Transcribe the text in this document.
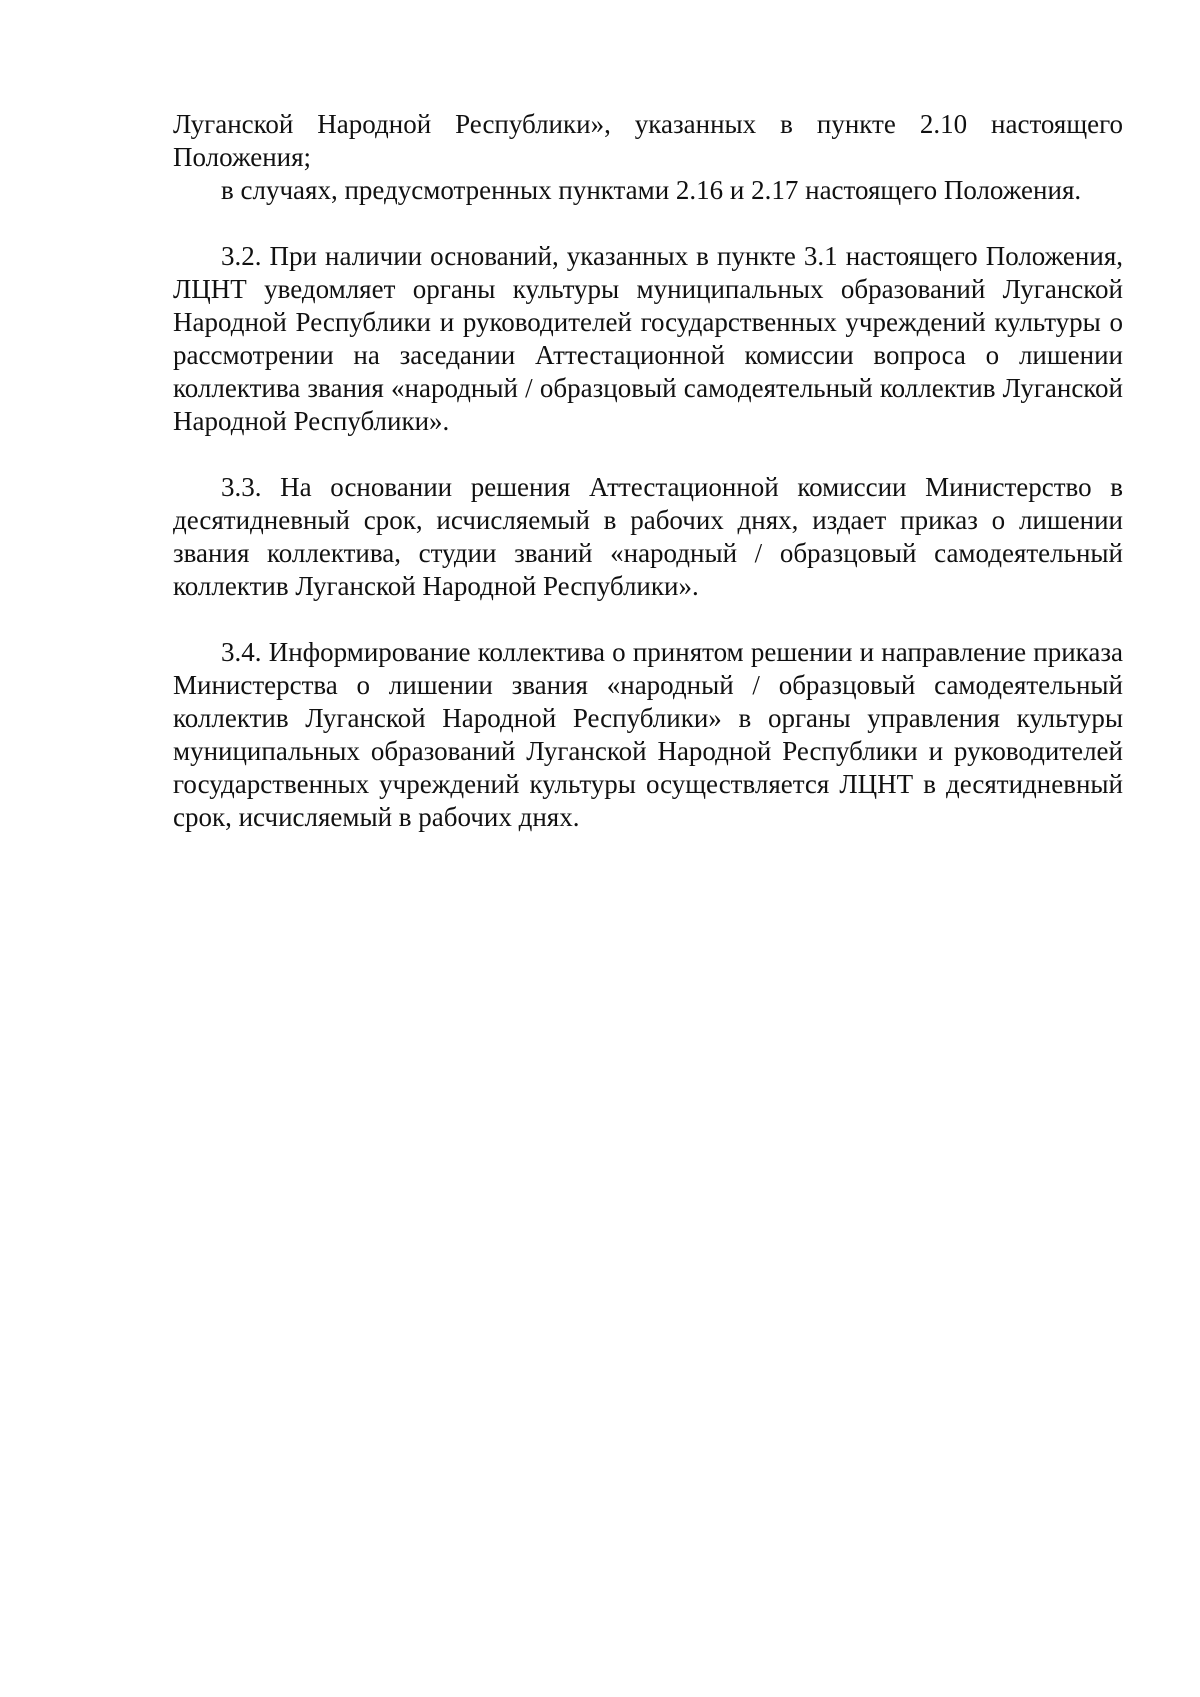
Луганской Народной Республики», указанных в пункте 2.10 настоящего Положения;

в случаях, предусмотренных пунктами 2.16 и 2.17 настоящего Положения.

3.2. При наличии оснований, указанных в пункте 3.1 настоящего Положения, ЛЦНТ уведомляет органы культуры муниципальных образований Луганской Народной Республики и руководителей государственных учреждений культуры о рассмотрении на заседании Аттестационной комиссии вопроса о лишении коллектива звания «народный / образцовый самодеятельный коллектив Луганской Народной Республики».

3.3. На основании решения Аттестационной комиссии Министерство в десятидневный срок, исчисляемый в рабочих днях, издает приказ о лишении звания коллектива, студии званий «народный / образцовый самодеятельный коллектив Луганской Народной Республики».

3.4. Информирование коллектива о принятом решении и направление приказа Министерства о лишении звания «народный / образцовый самодеятельный коллектив Луганской Народной Республики» в органы управления культуры муниципальных образований Луганской Народной Республики и руководителей государственных учреждений культуры осуществляется ЛЦНТ в десятидневный срок, исчисляемый в рабочих днях.
